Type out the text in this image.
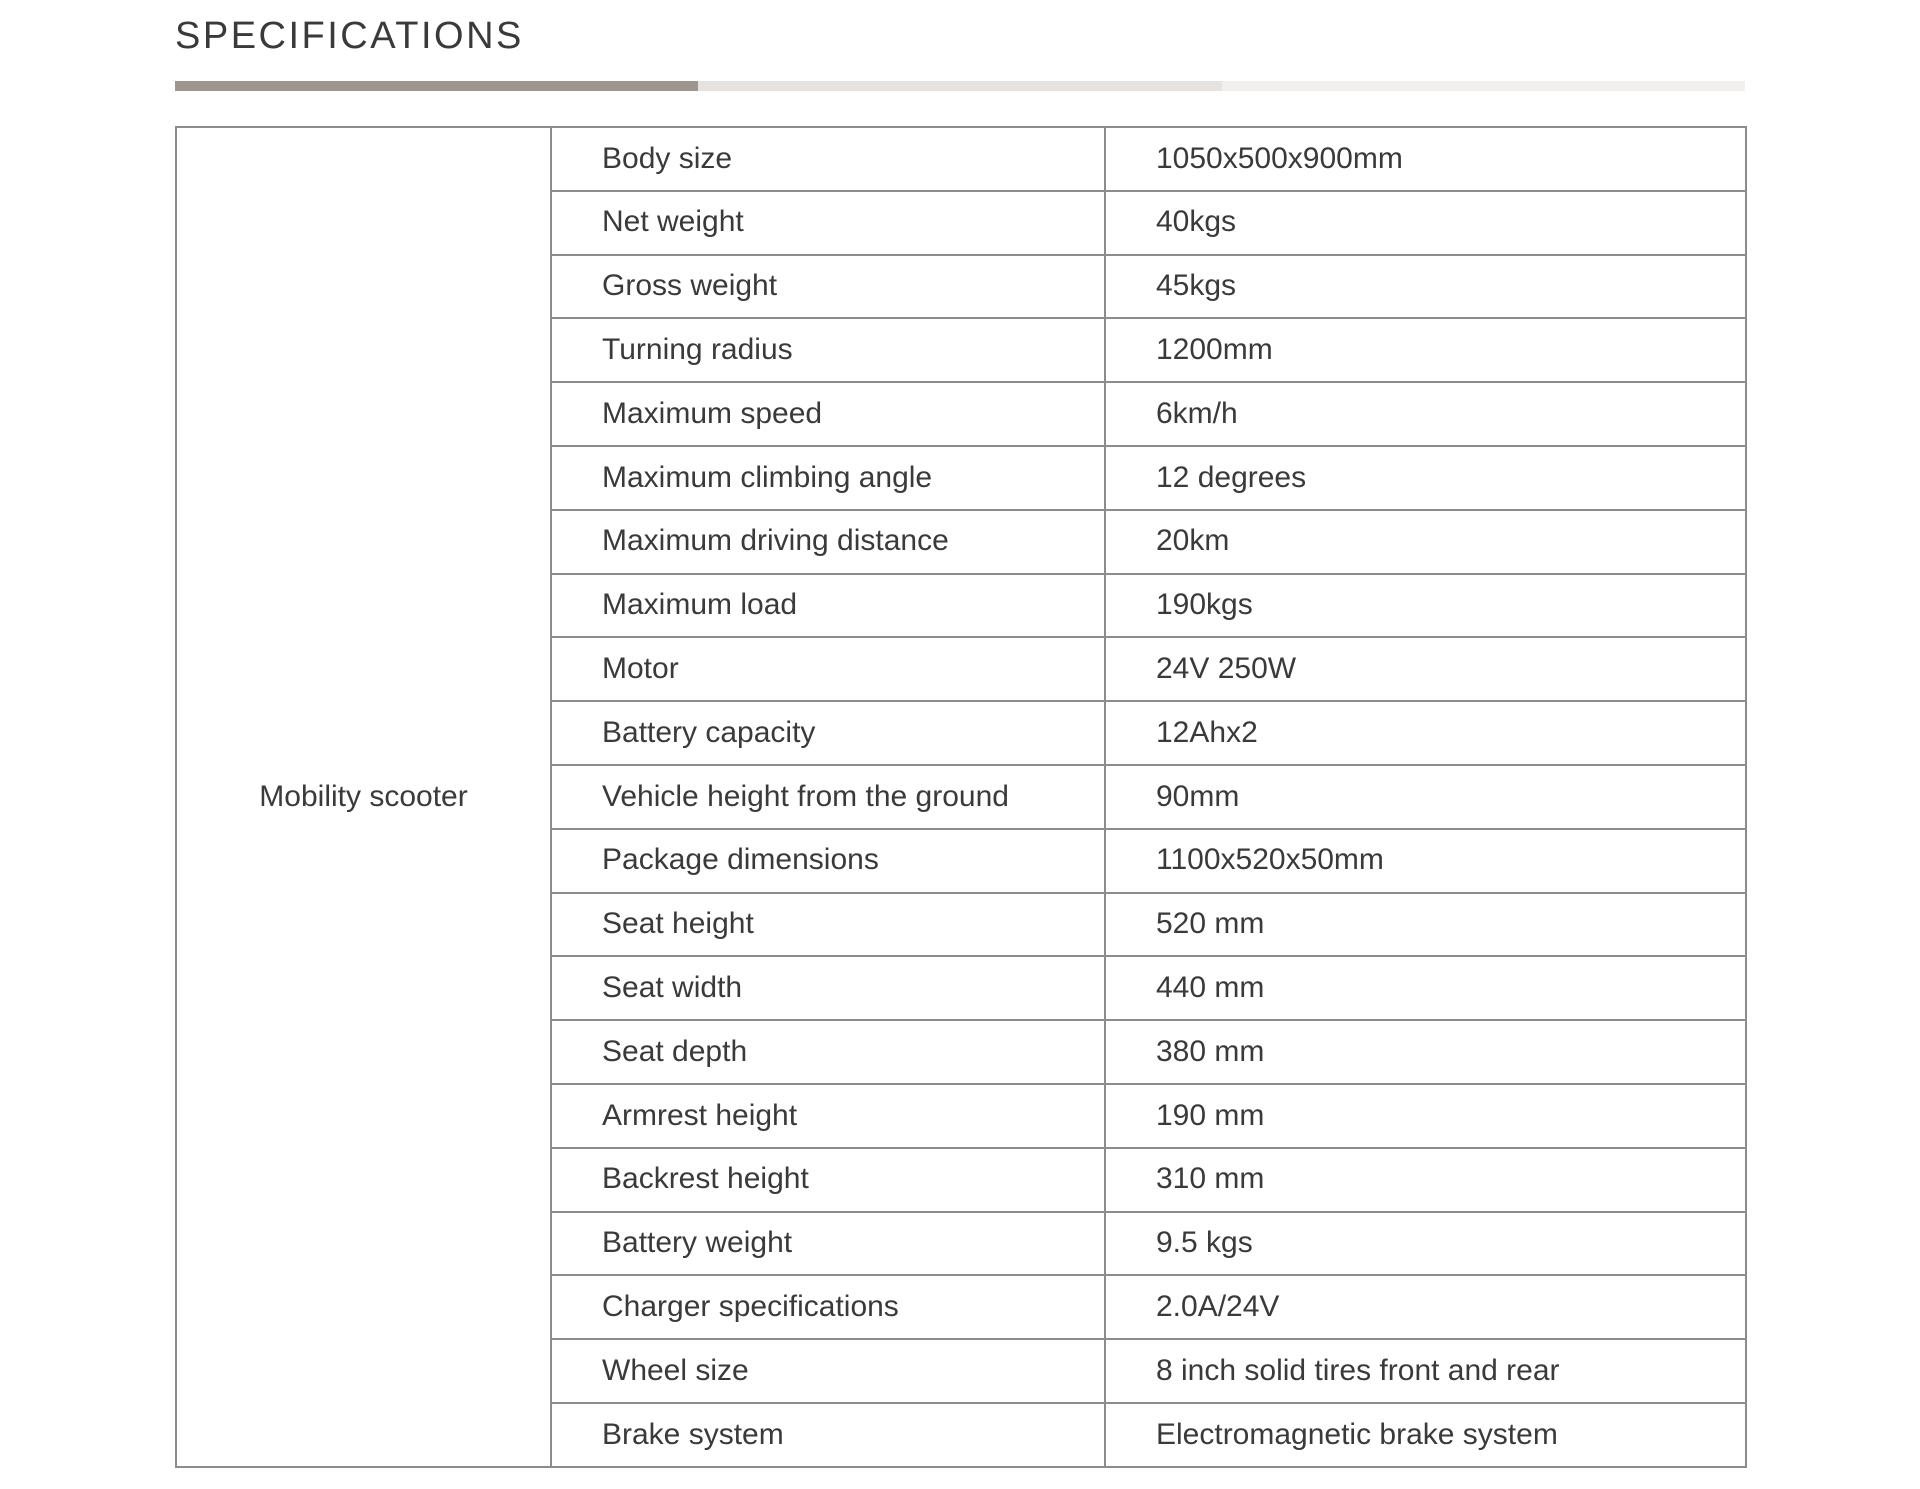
SPECIFICATIONS
Mobility scooter	Body size	1050x500x900mm
	Net weight	40kgs
	Gross weight	45kgs
	Turning radius	1200mm
	Maximum speed	6km/h
	Maximum climbing angle	12 degrees
	Maximum driving distance	20km
	Maximum load	190kgs
	Motor	24V 250W
	Battery capacity	12Ahx2
	Vehicle height from the ground	90mm
	Package dimensions	1100x520x50mm
	Seat height	520 mm
	Seat width	440 mm
	Seat depth	380 mm
	Armrest height	190 mm
	Backrest height	310 mm
	Battery weight	9.5 kgs
	Charger specifications	2.0A/24V
	Wheel size	8 inch solid tires front and rear
	Brake system	Electromagnetic brake system
